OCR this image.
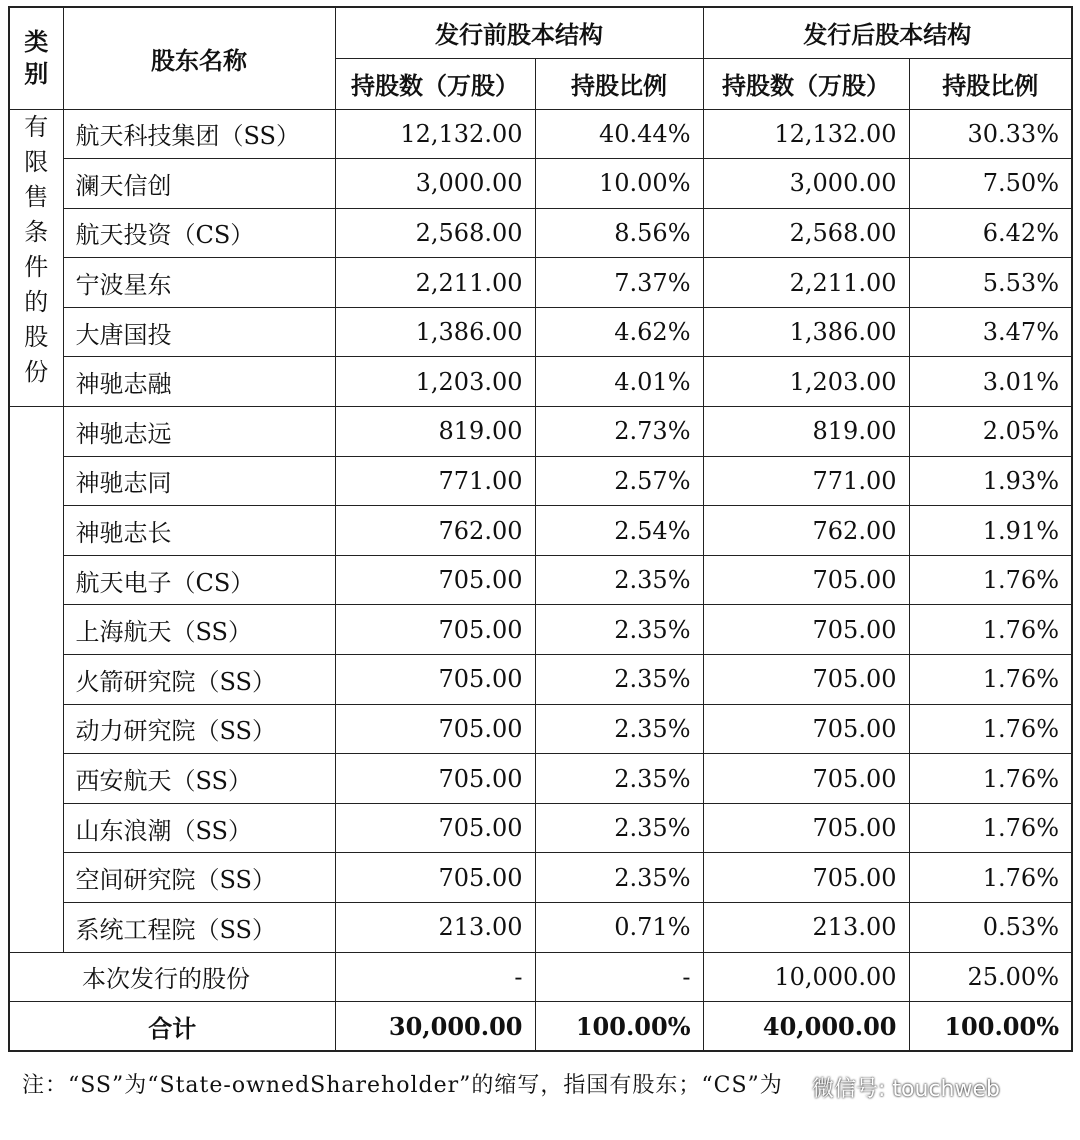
类别	股东名称	发行前股本结构		发行后股本结构	
		持股数（万股）	持股比例	持股数（万股）	持股比例

有限售条件的股份	航天科技集团（SS）	12,132.00	40.44%	12,132.00	30.33%
	澜天信创	3,000.00	10.00%	3,000.00	7.50%
	航天投资（CS）	2,568.00	8.56%	2,568.00	6.42%
	宁波星东	2,211.00	7.37%	2,211.00	5.53%
	大唐国投	1,386.00	4.62%	1,386.00	3.47%
	神驰志融	1,203.00	4.01%	1,203.00	3.01%
	神驰志远	819.00	2.73%	819.00	2.05%
	神驰志同	771.00	2.57%	771.00	1.93%
	神驰志长	762.00	2.54%	762.00	1.91%
	航天电子（CS）	705.00	2.35%	705.00	1.76%
	上海航天（SS）	705.00	2.35%	705.00	1.76%
	火箭研究院（SS）	705.00	2.35%	705.00	1.76%
	动力研究院（SS）	705.00	2.35%	705.00	1.76%
	西安航天（SS）	705.00	2.35%	705.00	1.76%
	山东浪潮（SS）	705.00	2.35%	705.00	1.76%
	空间研究院（SS）	705.00	2.35%	705.00	1.76%
	系统工程院（SS）	213.00	0.71%	213.00	0.53%
本次发行的股份		-	-	10,000.00	25.00%
合计		30,000.00	100.00%	40,000.00	100.00%
注：“SS”为“State-ownedShareholder”的缩写，指国有股东；“CS”为	微信号: touchweb
